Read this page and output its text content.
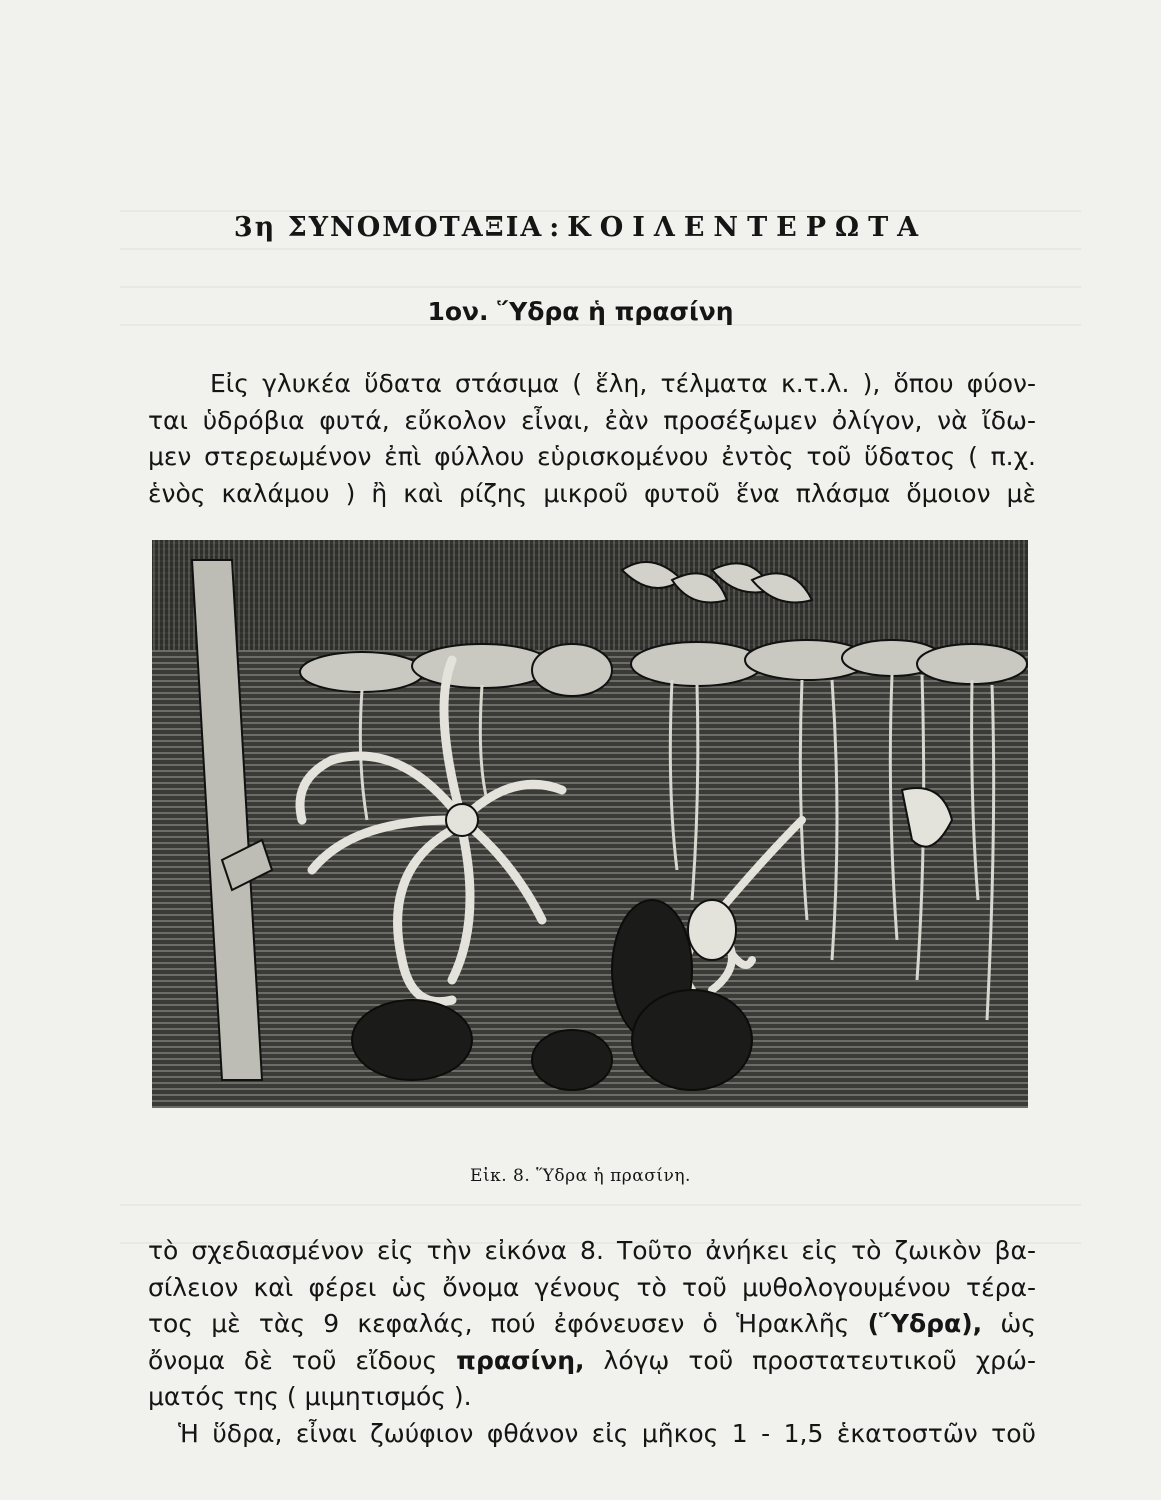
3η ΣΥΝΟΜΟΤΑΞΙΑ : ΚΟΙΛΕΝΤΕΡΩΤΑ
1ον. Ὕδρα ἡ πρασίνη
Εἰς γλυκέα ὕδατα στάσιμα ( ἕλη, τέλματα κ.τ.λ. ), ὅπου φύον-
ται ὑδρόβια φυτά, εὔκολον εἶναι, ἐὰν προσέξωμεν ὀλίγον, νὰ ἴδω-
μεν στερεωμένον ἐπὶ φύλλου εὑρισκομένου ἐντὸς τοῦ ὕδατος ( π.χ.
ἑνὸς καλάμου ) ἢ καὶ ρίζης μικροῦ φυτοῦ ἕνα πλάσμα ὅμοιον μὲ
Εἰκ. 8. Ὕδρα ἡ πρασίνη.
τὸ σχεδιασμένον εἰς τὴν εἰκόνα 8. Τοῦτο ἀνήκει εἰς τὸ ζωικὸν βα-
σίλειον καὶ φέρει ὡς ὄνομα γένους τὸ τοῦ μυθολογουμένου τέρα-
τος μὲ τὰς 9 κεφαλάς, πού ἐφόνευσεν ὁ Ἡρακλῆς (Ὕδρα), ὡς
ὄνομα δὲ τοῦ εἴδους πρασίνη, λόγῳ τοῦ προστατευτικοῦ χρώ-
ματός της ( μιμητισμός ).
Ἡ ὕδρα, εἶναι ζωύφιον φθάνον εἰς μῆκος 1 - 1,5 ἑκατοστῶν τοῦ
